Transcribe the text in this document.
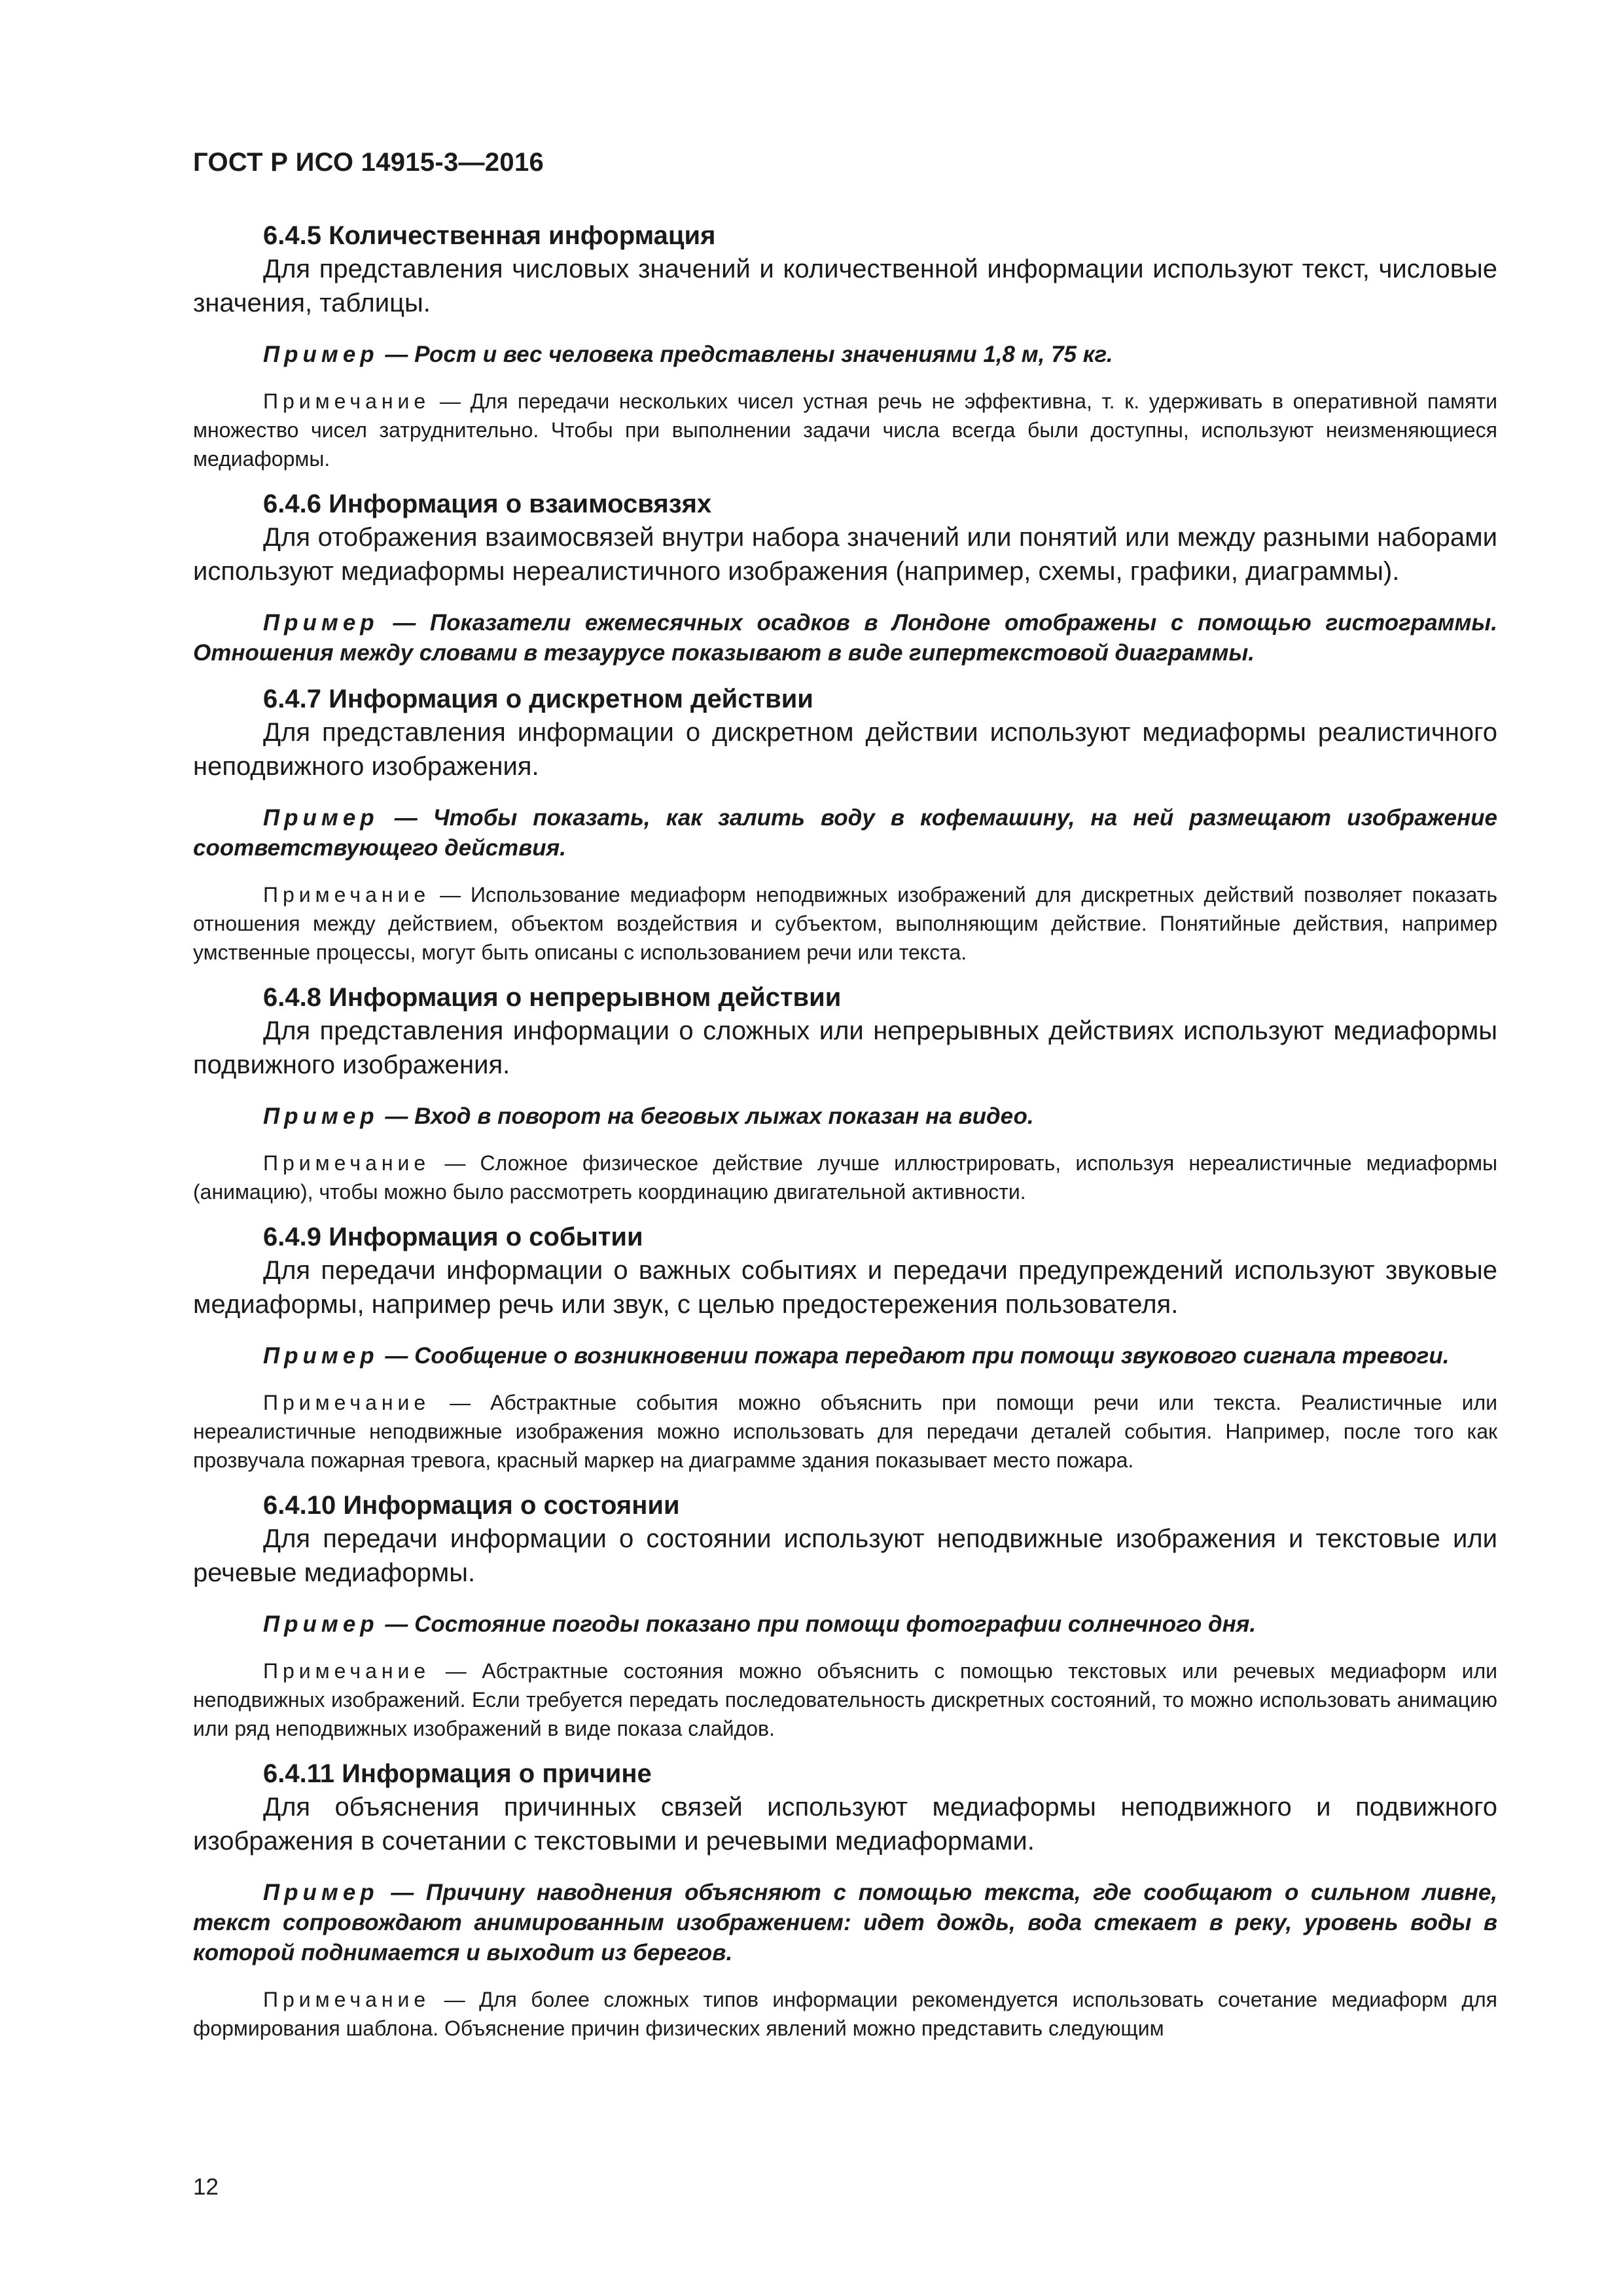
ГОСТ Р ИСО 14915-3—2016
6.4.5 Количественная информация
Для представления числовых значений и количественной информации используют текст, числовые значения, таблицы.
Пример — Рост и вес человека представлены значениями 1,8 м, 75 кг.
Примечание — Для передачи нескольких чисел устная речь не эффективна, т. к. удерживать в оперативной памяти множество чисел затруднительно. Чтобы при выполнении задачи числа всегда были доступны, используют неизменяющиеся медиаформы.
6.4.6 Информация о взаимосвязях
Для отображения взаимосвязей внутри набора значений или понятий или между разными наборами используют медиаформы нереалистичного изображения (например, схемы, графики, диаграммы).
Пример — Показатели ежемесячных осадков в Лондоне отображены с помощью гистограммы. Отношения между словами в тезаурусе показывают в виде гипертекстовой диаграммы.
6.4.7 Информация о дискретном действии
Для представления информации о дискретном действии используют медиаформы реалистичного неподвижного изображения.
Пример — Чтобы показать, как залить воду в кофемашину, на ней размещают изображение соответствующего действия.
Примечание — Использование медиаформ неподвижных изображений для дискретных действий позволяет показать отношения между действием, объектом воздействия и субъектом, выполняющим действие. Понятийные действия, например умственные процессы, могут быть описаны с использованием речи или текста.
6.4.8 Информация о непрерывном действии
Для представления информации о сложных или непрерывных действиях используют медиаформы подвижного изображения.
Пример — Вход в поворот на беговых лыжах показан на видео.
Примечание — Сложное физическое действие лучше иллюстрировать, используя нереалистичные медиаформы (анимацию), чтобы можно было рассмотреть координацию двигательной активности.
6.4.9 Информация о событии
Для передачи информации о важных событиях и передачи предупреждений используют звуковые медиаформы, например речь или звук, с целью предостережения пользователя.
Пример — Сообщение о возникновении пожара передают при помощи звукового сигнала тревоги.
Примечание — Абстрактные события можно объяснить при помощи речи или текста. Реалистичные или нереалистичные неподвижные изображения можно использовать для передачи деталей события. Например, после того как прозвучала пожарная тревога, красный маркер на диаграмме здания показывает место пожара.
6.4.10 Информация о состоянии
Для передачи информации о состоянии используют неподвижные изображения и текстовые или речевые медиаформы.
Пример — Состояние погоды показано при помощи фотографии солнечного дня.
Примечание — Абстрактные состояния можно объяснить с помощью текстовых или речевых медиаформ или неподвижных изображений. Если требуется передать последовательность дискретных состояний, то можно использовать анимацию или ряд неподвижных изображений в виде показа слайдов.
6.4.11 Информация о причине
Для объяснения причинных связей используют медиаформы неподвижного и подвижного изображения в сочетании с текстовыми и речевыми медиаформами.
Пример — Причину наводнения объясняют с помощью текста, где сообщают о сильном ливне, текст сопровождают анимированным изображением: идет дождь, вода стекает в реку, уровень воды в которой поднимается и выходит из берегов.
Примечание — Для более сложных типов информации рекомендуется использовать сочетание медиаформ для формирования шаблона. Объяснение причин физических явлений можно представить следующим
12
